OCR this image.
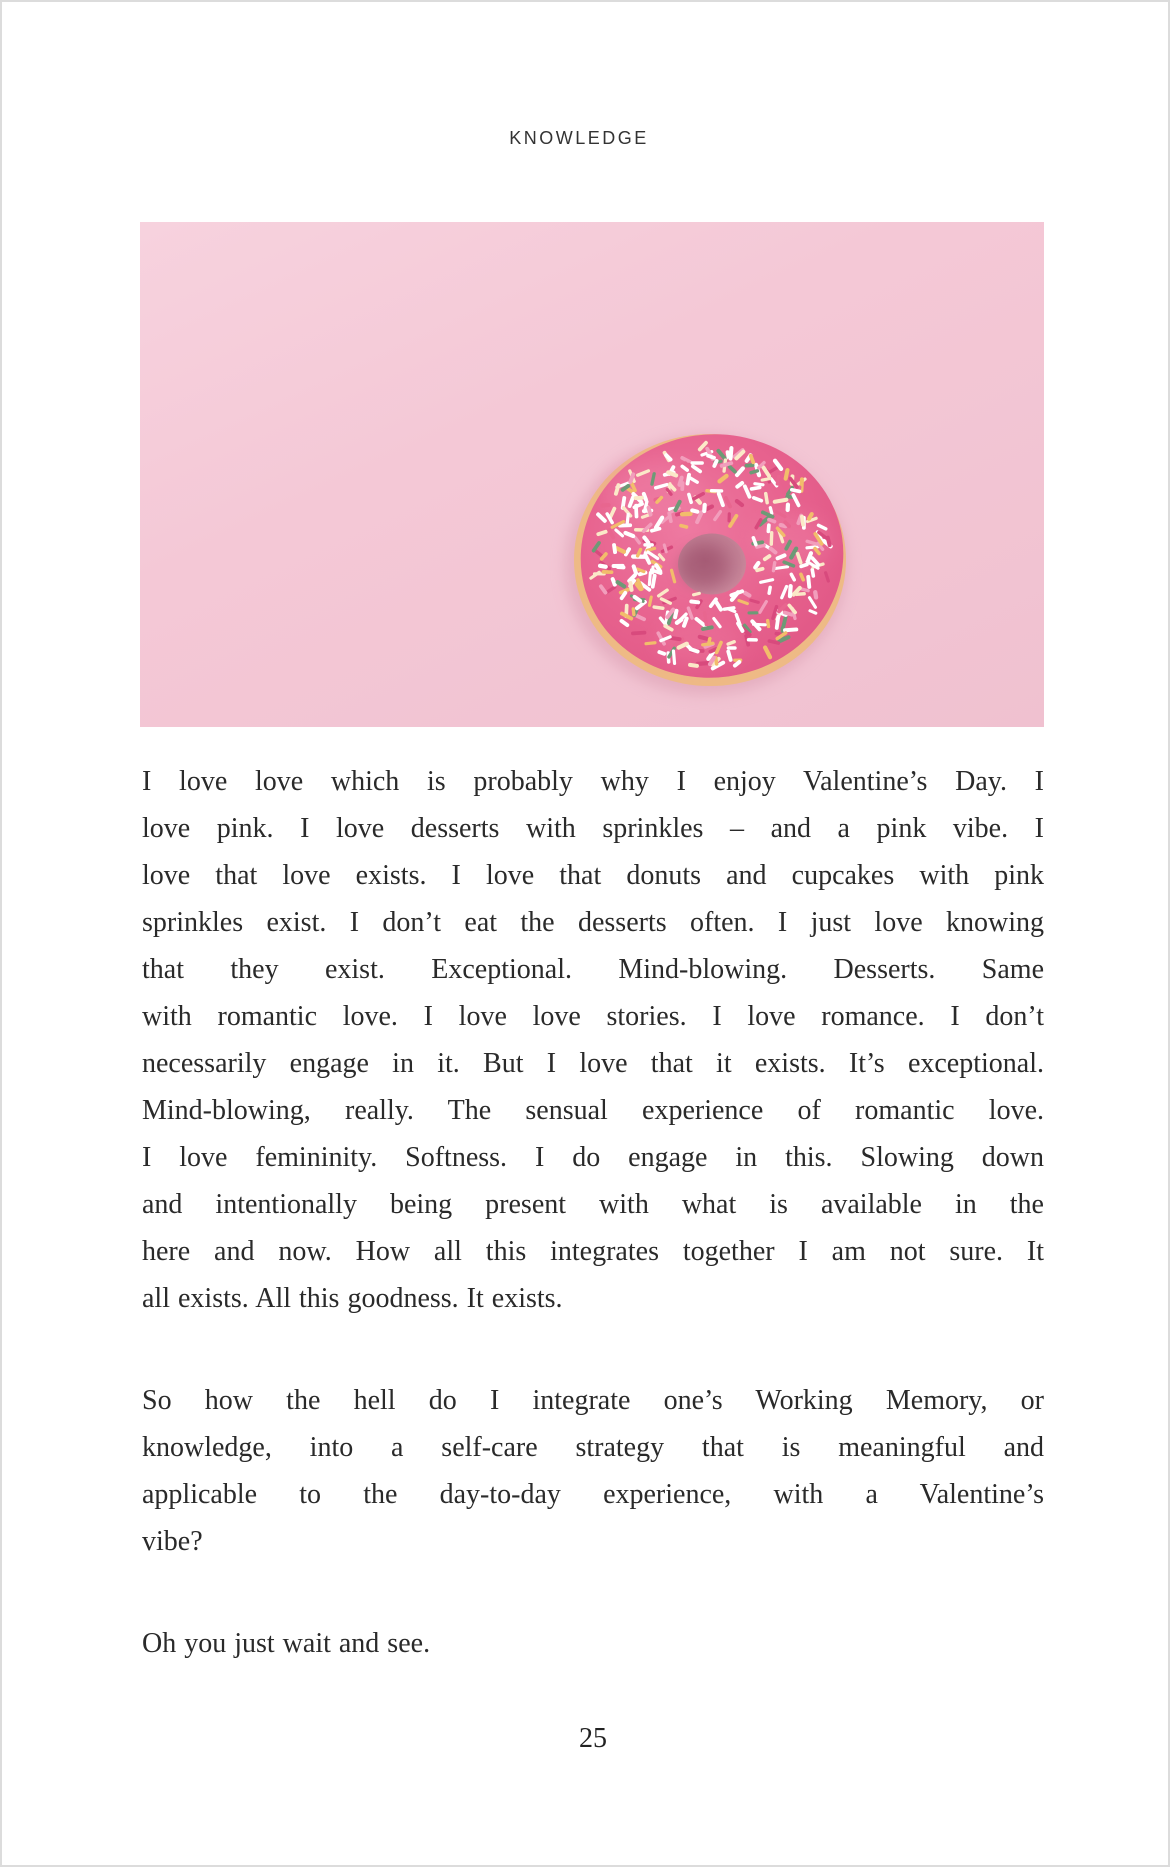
KNOWLEDGE
I love love which is probably why I enjoy Valentine’s Day. I
love pink. I love desserts with sprinkles – and a pink vibe. I
love that love exists. I love that donuts and cupcakes with pink
sprinkles exist. I don’t eat the desserts often. I just love knowing
that they exist. Exceptional. Mind-blowing. Desserts. Same
with romantic love. I love love stories. I love romance. I don’t
necessarily engage in it. But I love that it exists. It’s exceptional.
Mind-blowing, really. The sensual experience of romantic love.
I love femininity. Softness. I do engage in this. Slowing down
and intentionally being present with what is available in the
here and now. How all this integrates together I am not sure. It
all exists. All this goodness. It exists.
So how the hell do I integrate one’s Working Memory, or
knowledge, into a self-care strategy that is meaningful and
applicable to the day-to-day experience, with a Valentine’s
vibe?
Oh you just wait and see.
25
